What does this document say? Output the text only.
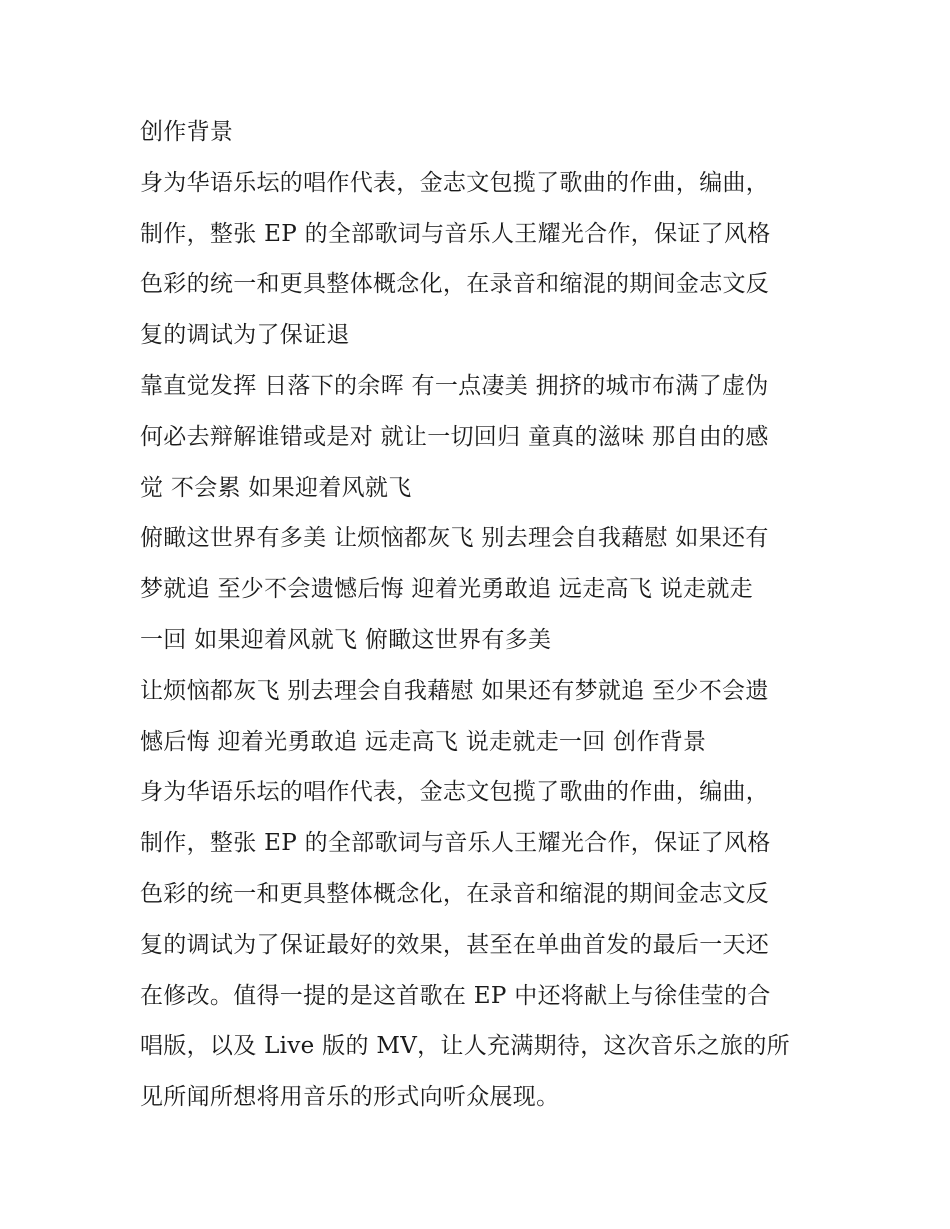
创作背景
身为华语乐坛的唱作代表，金志文包揽了歌曲的作曲，编曲，
制作，整张 EP 的全部歌词与音乐人王耀光合作，保证了风格
色彩的统一和更具整体概念化，在录音和缩混的期间金志文反
复的调试为了保证退
靠直觉发挥 日落下的余晖 有一点凄美 拥挤的城市布满了虚伪
何必去辩解谁错或是对 就让一切回归 童真的滋味 那自由的感
觉 不会累 如果迎着风就飞
俯瞰这世界有多美 让烦恼都灰飞 别去理会自我藉慰 如果还有
梦就追 至少不会遗憾后悔 迎着光勇敢追 远走高飞 说走就走
一回 如果迎着风就飞 俯瞰这世界有多美
让烦恼都灰飞 别去理会自我藉慰 如果还有梦就追 至少不会遗
憾后悔 迎着光勇敢追 远走高飞 说走就走一回 创作背景
身为华语乐坛的唱作代表，金志文包揽了歌曲的作曲，编曲，
制作，整张 EP 的全部歌词与音乐人王耀光合作，保证了风格
色彩的统一和更具整体概念化，在录音和缩混的期间金志文反
复的调试为了保证最好的效果，甚至在单曲首发的最后一天还
在修改。值得一提的是这首歌在 EP 中还将献上与徐佳莹的合
唱版，以及 Live 版的 MV，让人充满期待，这次音乐之旅的所
见所闻所想将用音乐的形式向听众展现。
